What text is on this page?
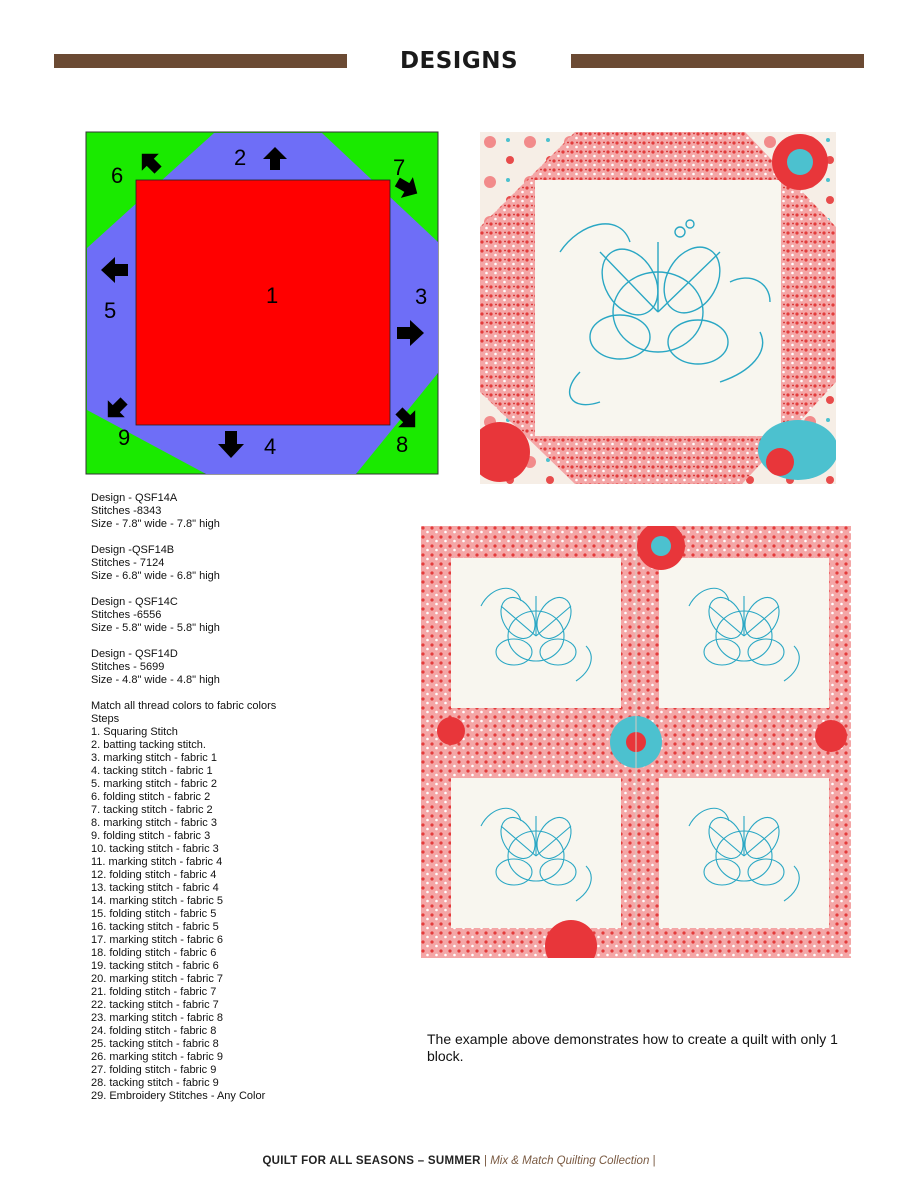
DESIGNS
1
2
3
4
5
6	7
8
9
Design - QSF14A
Stitches -8343
Size - 7.8" wide - 7.8" high
Design -QSF14B
Stitches - 7124
Size - 6.8" wide - 6.8" high
Design - QSF14C
Stitches -6556
Size - 5.8" wide - 5.8" high
Design - QSF14D
Stitches - 5699
Size - 4.8" wide - 4.8" high
Match all thread colors to fabric colors
Steps
1. Squaring Stitch
2. batting tacking stitch.
3. marking stitch - fabric 1
4. tacking stitch - fabric 1
5. marking stitch - fabric 2
6. folding stitch - fabric 2
7. tacking stitch - fabric 2
8. marking stitch - fabric 3
9. folding stitch - fabric 3
10. tacking stitch - fabric 3
11. marking stitch - fabric 4
12. folding stitch - fabric 4
13. tacking stitch - fabric 4
14. marking stitch - fabric 5
15. folding stitch - fabric 5
16. tacking stitch - fabric 5
17. marking stitch - fabric 6
18. folding stitch - fabric 6
19. tacking stitch - fabric 6
20. marking stitch - fabric 7
21. folding stitch - fabric 7
22. tacking stitch - fabric 7
23. marking stitch - fabric 8
24. folding stitch - fabric 8
25. tacking stitch - fabric 8
26. marking stitch - fabric 9
27. folding stitch - fabric 9
28. tacking stitch - fabric 9
29. Embroidery Stitches - Any Color
The example above demonstrates how to create a quilt with only 1 block.
QUILT FOR ALL SEASONS – SUMMER | Mix & Match Quilting Collection |
